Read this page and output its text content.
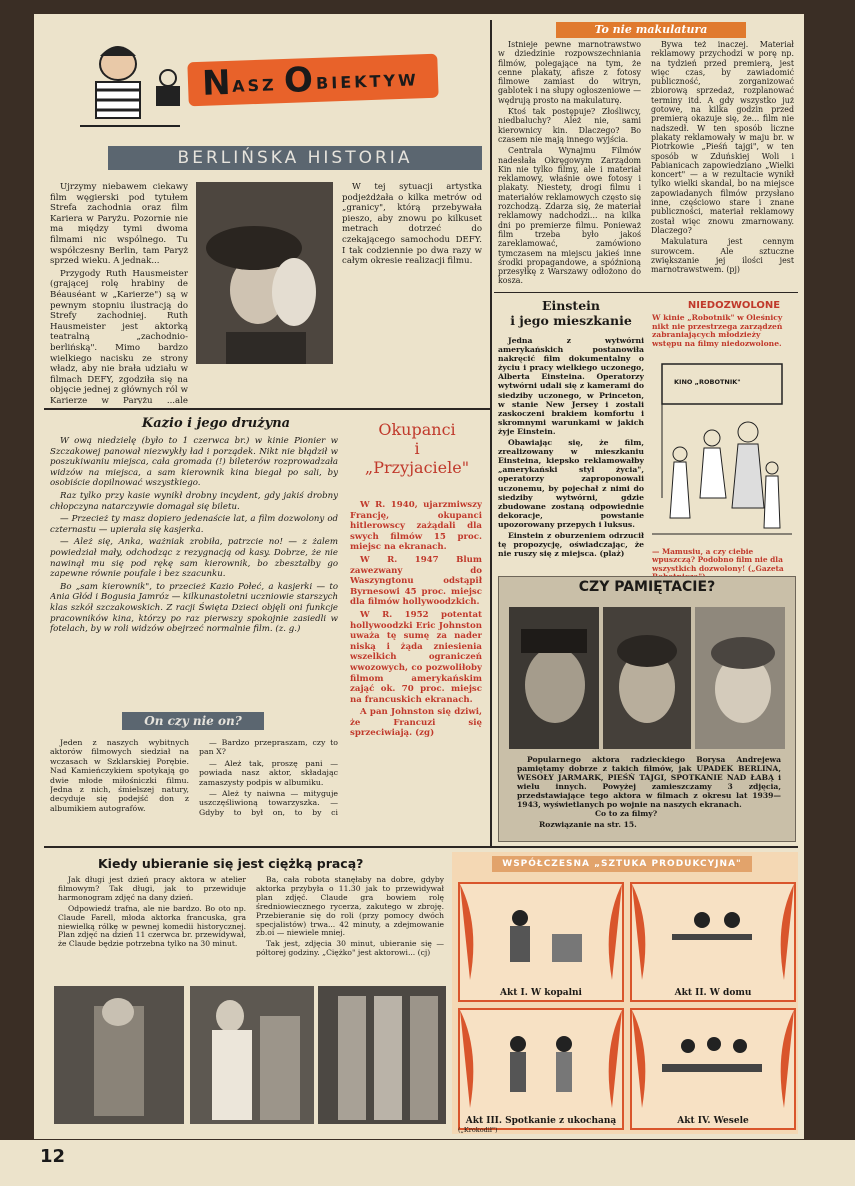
N ASZ O BIEKTYW
BERLIŃSKA HISTORIA

Ujrzymy niebawem ciekawy film węgierski pod tytułem Strefa zachodnia oraz film Kariera w Paryżu. Pozornie nie ma między tymi dwoma filmami nic wspólnego. Tu współczesny Berlin, tam Paryż sprzed wieku. A jednak...

Przygody Ruth Hausmeister (grającej rolę hrabiny de Béauséant w „Karierze") są w pewnym stopniu ilustracją do Strefy zachodniej. Ruth Hausmeister jest aktorką teatralną „zachodnio-berlińską". Mimo bardzo wielkiego nacisku ze strony władz, aby nie brała udziału w filmach DEFY, zgodziła się na objęcie jednej z głównych ról w Karierze w Paryżu ...ale

W tej sytuacji artystka podjeżdżała o kilka metrów od „granicy", którą przebywała pieszo, aby znowu po kilkuset metrach dotrzeć do czekającego samochodu DEFY. I tak codziennie po dwa razy w całym okresie realizacji filmu.

Kazio i jego drużyna

W ową niedzielę (było to 1 czerwca br.) w kinie Pionier w Szczakowej panował niezwykły ład i porządek. Nikt nie błądził w poszukiwaniu miejsca, cała gromada (!) bileterów rozprowadzała widzów na miejsca, a sam kierownik kina biegał po sali, by osobiście dopilnować wszystkiego.

Raz tylko przy kasie wynikł drobny incydent, gdy jakiś drobny chłopczyna natarczywie domagał się biletu.

— Przecież ty masz dopiero jedenaście lat, a film dozwolony od czternastu — upierała się kasjerka.

— Ależ się, Anka, ważniak zrobiła, patrzcie no! — z żalem powiedział mały, odchodząc z rezygnacją od kasy. Dobrze, że nie nawinął mu się pod rękę sam kierownik, bo zbeształby go zapewne równie poufale i bez szacunku.

Bo „sam kierownik", to przecież Kazio Połeć, a kasjerki — to Ania Głód i Bogusia Jamróz — kilkunastoletni uczniowie starszych klas szkół szczakowskich. Z racji Święta Dzieci objęli oni funkcje pracowników kina, którzy po raz pierwszy spokojnie zasiedli w fotelach, by w roli widzów obejrzeć normalnie film. (z. g.)

Okupanci
i
„Przyjaciele"

W R. 1940, ujarzmiwszy Francję, okupanci hitlerowscy zażądali dla swych filmów 15 proc. miejsc na ekranach.

W R. 1947 Blum zawezwany do Waszyngtonu odstąpił Byrnesowi 45 proc. miejsc dla filmów hollywoodzkich.

W R. 1952 potentat hollywoodzki Eric Johnston uważa tę sumę za nader niską i żąda zniesienia wszelkich ograniczeń wwozowych, co pozwoliłoby filmom amerykańskim zająć ok. 70 proc. miejsc na francuskich ekranach.

A pan Johnston się dziwi, że Francuzi się sprzeciwiają. (zg)

On czy nie on?

Jeden z naszych wybitnych aktorów filmowych siedział na wczasach w Szklarskiej Porębie. Nad Kamieńczykiem spotykają go dwie młode miłośniczki filmu. Jedna z nich, śmielszej natury, decyduje się podejść don z albumikiem autografów.

— Bardzo przepraszam, czy to pan X?

— Ależ tak, proszę pani — powiada nasz aktor, składając zamaszysty podpis w albumiku.

— Ależ ty naiwna — mityguje uszczęśliwioną towarzyszka. — Gdyby to był on, to by ci

To nie makulatura

Istnieje pewne marnotrawstwo w dziedzinie rozpowszechniania filmów, polegające na tym, że cenne plakaty, afisze z fotosy filmowe zamiast do witryn, gablotek i na słupy ogłoszeniowe — wędrują prosto na makulaturę.

Ktoś tak postępuje? Złośliwcy, niedbaluchy? Ależ nie, sami kierownicy kin. Dlaczego? Bo czasem nie mają innego wyjścia.

Centrala Wynajmu Filmów nadesłała Okręgowym Zarządom Kin nie tylko filmy, ale i materiał reklamowy, właśnie owe fotosy i plakaty. Niestety, drogi filmu i materiałów reklamowych często się rozchodzą. Zdarza się, że materiał reklamowy nadchodzi... na kilka dni po premierze filmu. Ponieważ film trzeba było jakoś zareklamować, zamówiono tymczasem na miejscu jakieś inne środki propagandowe, a spóźnioną przesyłkę z Warszawy odłożono do kosza.

Bywa też inaczej. Materiał reklamowy przychodzi w porę np. na tydzień przed premierą, jest więc czas, by zawiadomić publiczność, zorganizować zbiorową sprzedaż, rozplanować terminy itd. A gdy wszystko już gotowe, na kilka godzin przed premierą okazuje się, że... film nie nadszedł. W ten sposób liczne plakaty reklamowały w maju br. w Piotrkowie „Pieśń tajgi", w ten sposób w Zduńskiej Woli i Pabianicach zapowiedziano „Wielki koncert" — a w rezultacie wynikł tylko wielki skandal, bo na miejsce zapowiadanych filmów przysłano inne, częściowo stare i znane publiczności, materiał reklamowy został więc znowu zmarnowany. Dlaczego?

Makulatura jest cennym surowcem. Ale sztuczne zwiększanie jej ilości jest marnotrawstwem. (pj)

Einstein
i jego mieszkanie

Jedna z wytwórni amerykańskich postanowiła nakręcić film dokumentalny o życiu i pracy wielkiego uczonego, Alberta Einsteina. Operatorzy wytwórni udali się z kamerami do siedziby uczonego, w Princeton, w stanie New Jersey i zostali zaskoczeni brakiem komfortu i skromnymi warunkami w jakich żyje Einstein.

Obawiając się, że film, zrealizowany w mieszkaniu Einsteina, kiepsko reklamowałby „amerykański styl życia", operatorzy zaproponowali uczonemu, by pojechał z nimi do siedziby wytwórni, gdzie zbudowane zostaną odpowiednie dekoracje, powstanie upozorowany przepych i luksus.

Einstein z oburzeniem odrzucił tę propozycję, oświadczając, że nie ruszy się z miejsca. (plaż)

NIEDOZWOLONE
W kinie „Robotnik" w Oleśnicy nikt nie przestrzega zarządzeń zabraniających młodzieży wstępu na filmy niedozwolone.
KINO „ROBOTNIK"
— Mamusiu, a czy ciebie wpuszczą? Podobno film nie dla wszystkich dozwolony! („Gazeta
CZY PAMIĘTACIE?
Popularnego aktora radzieckiego Borysa Andrejewa pamiętamy dobrze z takich filmów, jak UPADEK BERLINA, WESOŁY JARMARK, PIEŚŃ TAJGI, SPOTKANIE NAD ŁABĄ i wielu innych. Powyżej zamieszczamy 3 zdjęcia, przedstawiające tego aktora w filmach z okresu lat 1939—1943, wyświetlanych po wojnie na naszych ekranach.
Co to za filmy?
Rozwiązanie na str. 15.
Kiedy ubieranie się jest ciężką pracą?

Jak długi jest dzień pracy aktora w atelier filmowym? Tak długi, jak to przewiduje harmonogram zdjęć na dany dzień.

Odpowiedź trafna, ale nie bardzo. Bo oto np. Claude Farell, młoda aktorka francuska, gra niewielką rólkę w pewnej komedii historycznej. Plan zdjęć na dzień 11 czerwca br. przewidywał, że Claude będzie potrzebna tylko na 30 minut.

Ba, cała robota stanęłaby na dobre, gdyby aktorka przybyła o 11.30 jak to przewidywał plan zdjęć. Claude gra bowiem rolę średniowiecznego rycerza, zakutego w zbroję. Przebieranie się do roli (przy pomocy dwóch specjalistów) trwa... 42 minuty, a zdejmowanie zb.oi — niewiele mniej.

Tak jest, zdjęcia 30 minut, ubieranie się — półtorej godziny. „Ciężko" jest aktorowi... (cj)

WSPÓŁCZESNA „SZTUKA PRODUKCYJNA"
Akt I. W kopalni	Akt II. W domu
Akt III. Spotkanie z ukochaną	Akt IV. Wesele
(„Krokodił")
12
